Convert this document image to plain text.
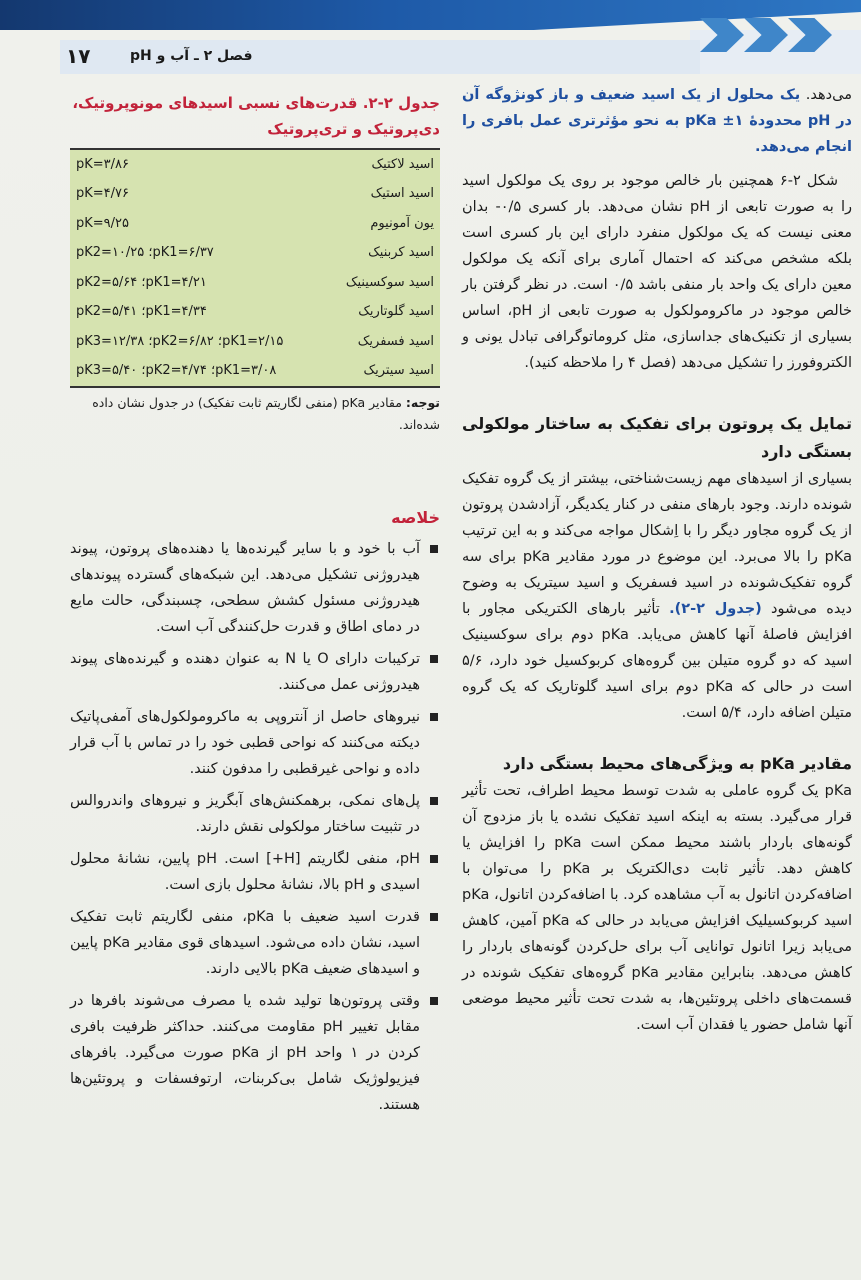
۱۷	فصل ۲ ـ آب و pH

می‌دهد. یک محلول از یک اسید ضعیف و باز کونژوگه آن در pH محدودهٔ pKa ±۱ به نحو مؤثرتری عمل بافری را انجام می‌دهد.

شکل ۲-۶ همچنین بار خالص موجود بر روی یک مولکول اسید را به صورت تابعی از pH نشان می‌دهد. بار کسری ۰/۵- بدان معنی نیست که یک مولکول منفرد دارای این بار کسری است بلکه مشخص می‌کند که احتمال آماری برای آنکه یک مولکول معین دارای یک واحد بار منفی باشد ۰/۵ است. در نظر گرفتن بار خالص موجود در ماکرومولکول به صورت تابعی از pH، اساس بسیاری از تکنیک‌های جداسازی، مثل کروماتوگرافی تبادل یونی و الکتروفورز را تشکیل می‌دهد (فصل ۴ را ملاحظه کنید).

تمایل یک پروتون برای تفکیک به ساختار مولکولی بستگی دارد

بسیاری از اسیدهای مهم زیست‌شناختی، بیشتر از یک گروه تفکیک شونده دارند. وجود بارهای منفی در کنار یکدیگر، آزادشدن پروتون از یک گروه مجاور دیگر را با اِشکال مواجه می‌کند و به این ترتیب pKa را بالا می‌برد. این موضوع در مورد مقادیر pKa برای سه گروه تفکیک‌شونده در اسید فسفریک و اسید سیتریک به وضوح دیده می‌شود (جدول ۲-۲). تأثیر بارهای الکتریکی مجاور با افزایش فاصلهٔ آنها کاهش می‌یابد. pKa دوم برای سوکسینیک اسید که دو گروه متیلن بین گروه‌های کربوکسیل خود دارد، ۵/۶ است در حالی که pKa دوم برای اسید گلوتاریک که یک گروه متیلن اضافه دارد، ۵/۴ است.

مقادیر pKa به ویژگی‌های محیط بستگی دارد

pKa یک گروه عاملی به شدت توسط محیط اطراف، تحت تأثیر قرار می‌گیرد. بسته به اینکه اسید تفکیک نشده یا باز مزدوج آن گونه‌های باردار باشند محیط ممکن است pKa را افزایش یا کاهش دهد. تأثیر ثابت دی‌الکتریک بر pKa را می‌توان با اضافه‌کردن اتانول به آب مشاهده کرد. با اضافه‌کردن اتانول، pKa اسید کربوکسیلیک افزایش می‌یابد در حالی که pKa آمین، کاهش می‌یابد زیرا اتانول توانایی آب برای حل‌کردن گونه‌های باردار را کاهش می‌دهد. بنابراین مقادیر pKa گروه‌های تفکیک شونده در قسمت‌های داخلی پروتئین‌ها، به شدت تحت تأثیر محیط موضعی آنها شامل حضور یا فقدان آب است.

جدول ۲-۲. قدرت‌های نسبی اسیدهای مونوپروتیک، دی‌پروتیک و تری‌پروتیک
اسید لاکتیک	pK=۳/۸۶
اسید استیک	pK=۴/۷۶
یون آمونیوم	pK=۹/۲۵
اسید کربنیک	pK1=۶/۳۷؛ pK2=۱۰/۲۵
اسید سوکسینیک	pK1=۴/۲۱؛ pK2=۵/۶۴
اسید گلوتاریک	pK1=۴/۳۴؛ pK2=۵/۴۱
اسید فسفریک	pK1=۲/۱۵؛ pK2=۶/۸۲؛ pK3=۱۲/۳۸
اسید سیتریک	pK1=۳/۰۸؛ pK2=۴/۷۴؛ pK3=۵/۴۰
توجه: مقادیر pKa (منفی لگاریتم ثابت تفکیک) در جدول نشان داده شده‌اند.
خلاصه
آب با خود و با سایر گیرنده‌ها یا دهنده‌های پروتون، پیوند هیدروژنی تشکیل می‌دهد. این شبکه‌های گسترده پیوندهای هیدروژنی مسئول کشش سطحی، چسبندگی، حالت مایع در دمای اطاق و قدرت حل‌کنندگی آب است.
ترکیبات دارای O یا N به عنوان دهنده و گیرنده‌های پیوند هیدروژنی عمل می‌کنند.
نیروهای حاصل از آنتروپی به ماکرومولکول‌های آمفی‌پاتیک دیکته می‌کنند که نواحی قطبی خود را در تماس با آب قرار داده و نواحی غیرقطبی را مدفون کنند.
پل‌های نمکی، برهمکنش‌های آبگریز و نیروهای واندروالس در تثبیت ساختار مولکولی نقش دارند.
pH، منفی لگاریتم [H+] است. pH پایین، نشانهٔ محلول اسیدی و pH بالا، نشانهٔ محلول بازی است.
قدرت اسید ضعیف با pKa، منفی لگاریتم ثابت تفکیک اسید، نشان داده می‌شود. اسیدهای قوی مقادیر pKa پایین و اسیدهای ضعیف pKa بالایی دارند.
وقتی پروتون‌ها تولید شده یا مصرف می‌شوند بافرها در مقابل تغییر pH مقاومت می‌کنند. حداکثر ظرفیت بافری کردن در ۱ واحد pH از pKa صورت می‌گیرد. بافرهای فیزیولوژیک شامل بی‌کربنات، ارتوفسفات و پروتئین‌ها هستند.
